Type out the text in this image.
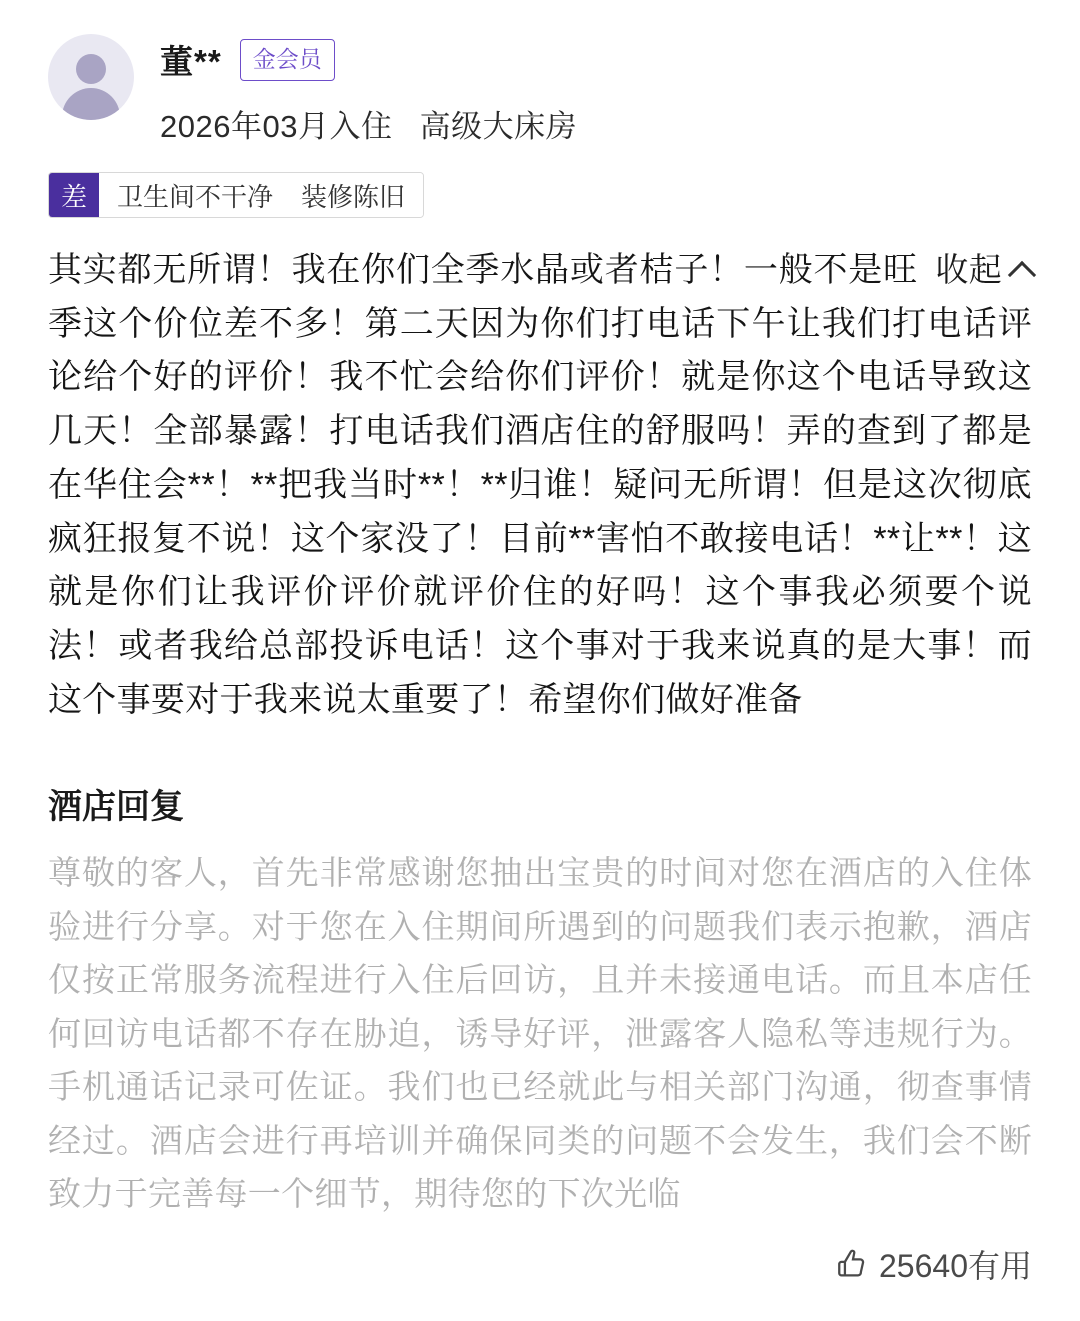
董**	金会员
2026年03月入住 高级大床房
差	卫生间不干净 装修陈旧
收起
其实都无所谓！我在你们全季水晶或者桔子！一般不是旺季这个价位差不多！第二天因为你们打电话下午让我们打电话评论给个好的评价！我不忙会给你们评价！就是你这个电话导致这几天！全部暴露！打电话我们酒店住的舒服吗！弄的查到了都是在华住会**！**把我当时**！**归谁！疑问无所谓！但是这次彻底疯狂报复不说！这个家没了！目前**害怕不敢接电话！**让**！这就是你们让我评价评价就评价住的好吗！这个事我必须要个说法！或者我给总部投诉电话！这个事对于我来说真的是大事！而这个事要对于我来说太重要了！希望你们做好准备
酒店回复
尊敬的客人，首先非常感谢您抽出宝贵的时间对您在酒店的入住体验进行分享。对于您在入住期间所遇到的问题我们表示抱歉，酒店仅按正常服务流程进行入住后回访，且并未接通电话。而且本店任何回访电话都不存在胁迫，诱导好评，泄露客人隐私等违规行为。手机通话记录可佐证。我们也已经就此与相关部门沟通，彻查事情经过。酒店会进行再培训并确保同类的问题不会发生，我们会不断致力于完善每一个细节，期待您的下次光临
25640有用
